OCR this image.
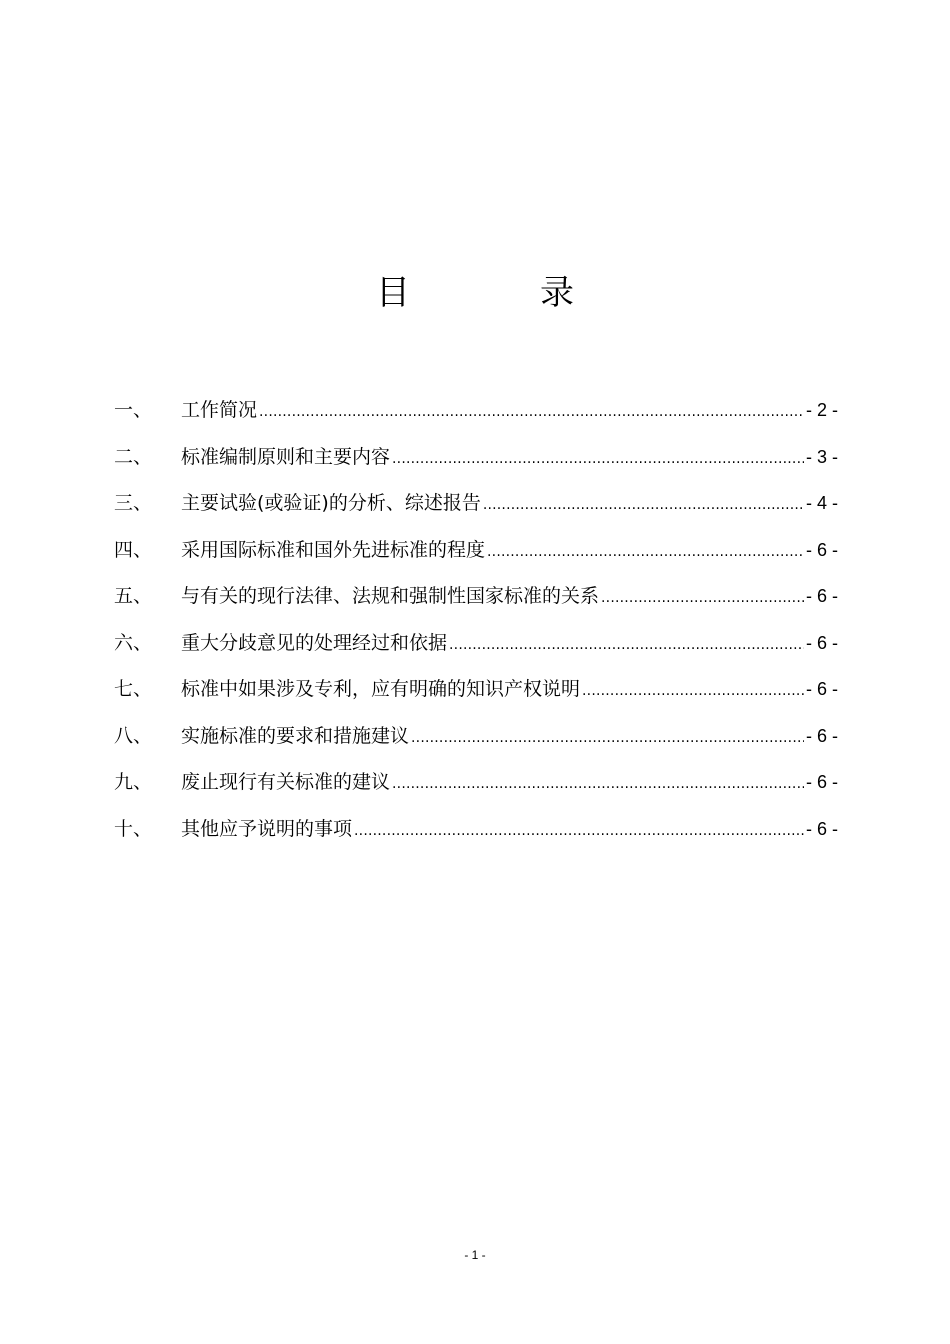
目　录
一、	工作简况 .....	- 2 -
二、	标准编制原则和主要内容 .....	- 3 -
三、	主要试验(或验证)的分析、综述报告 .....	- 4 -
四、	采用国际标准和国外先进标准的程度 .....	- 6 -
五、	与有关的现行法律、法规和强制性国家标准的关系 .....	- 6 -
六、	重大分歧意见的处理经过和依据 .....	- 6 -
七、	标准中如果涉及专利，应有明确的知识产权说明 .....	- 6 -
八、	实施标准的要求和措施建议 .....	- 6 -
九、	废止现行有关标准的建议 .....	- 6 -
十、	其他应予说明的事项 .....	- 6 -
- 1 -
